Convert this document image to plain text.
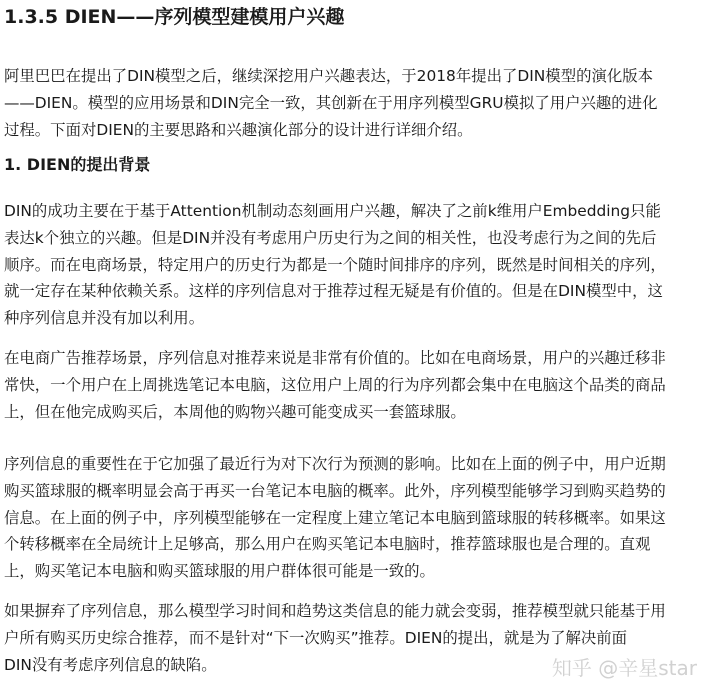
1.3.5 DIEN——序列模型建模用户兴趣
阿里巴巴在提出了DIN模型之后，继续深挖用户兴趣表达，于2018年提出了DIN模型的演化版本
——DIEN。模型的应用场景和DIN完全一致，其创新在于用序列模型GRU模拟了用户兴趣的进化
过程。下面对DIEN的主要思路和兴趣演化部分的设计进行详细介绍。
1. DIEN的提出背景
DIN的成功主要在于基于Attention机制动态刻画用户兴趣，解决了之前k维用户Embedding只能
表达k个独立的兴趣。但是DIN并没有考虑用户历史行为之间的相关性，也没考虑行为之间的先后
顺序。而在电商场景，特定用户的历史行为都是一个随时间排序的序列，既然是时间相关的序列，
就一定存在某种依赖关系。这样的序列信息对于推荐过程无疑是有价值的。但是在DIN模型中，这
种序列信息并没有加以利用。
在电商广告推荐场景，序列信息对推荐来说是非常有价值的。比如在电商场景，用户的兴趣迁移非
常快，一个用户在上周挑选笔记本电脑，这位用户上周的行为序列都会集中在电脑这个品类的商品
上，但在他完成购买后，本周他的购物兴趣可能变成买一套篮球服。
序列信息的重要性在于它加强了最近行为对下次行为预测的影响。比如在上面的例子中，用户近期
购买篮球服的概率明显会高于再买一台笔记本电脑的概率。此外，序列模型能够学习到购买趋势的
信息。在上面的例子中，序列模型能够在一定程度上建立笔记本电脑到篮球服的转移概率。如果这
个转移概率在全局统计上足够高，那么用户在购买笔记本电脑时，推荐篮球服也是合理的。直观
上，购买笔记本电脑和购买篮球服的用户群体很可能是一致的。
如果摒弃了序列信息，那么模型学习时间和趋势这类信息的能力就会变弱，推荐模型就只能基于用
户所有购买历史综合推荐，而不是针对“下一次购买”推荐。DIEN的提出，就是为了解决前面
DIN没有考虑序列信息的缺陷。	知乎 @辛星star
